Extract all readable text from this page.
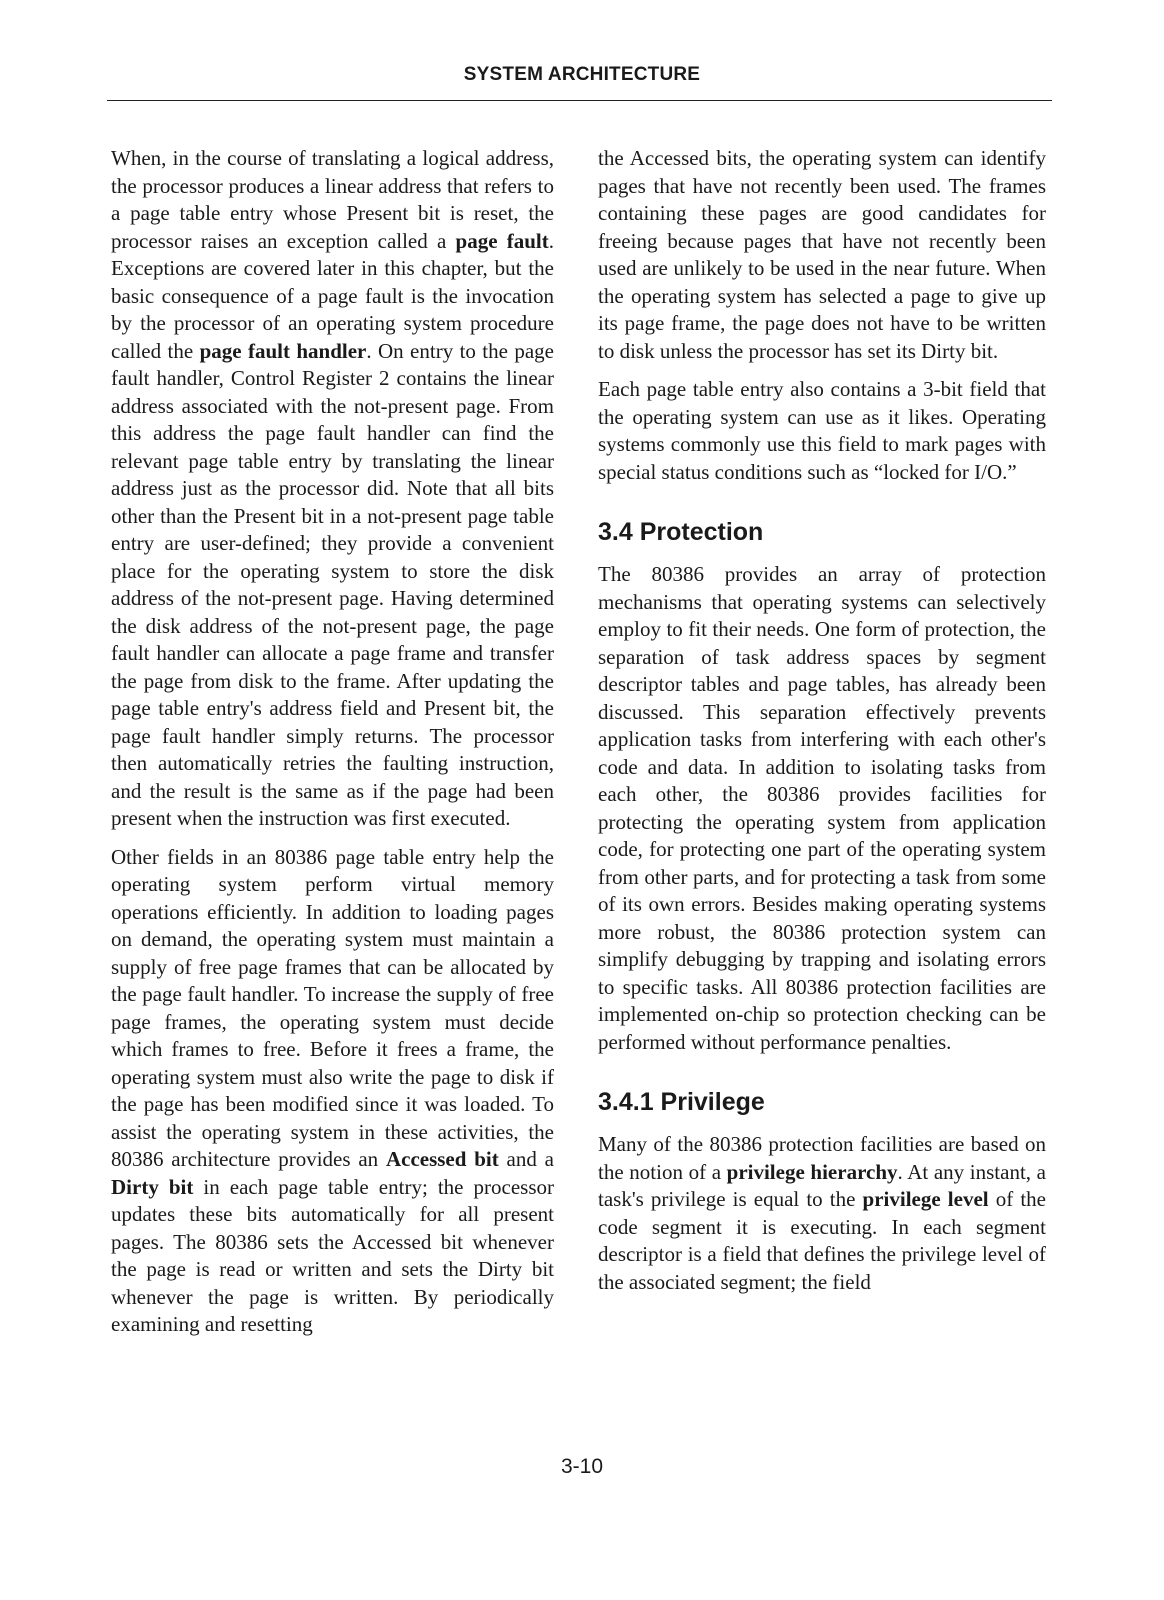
SYSTEM ARCHITECTURE

When, in the course of translating a logical address, the processor produces a linear address that refers to a page table entry whose Present bit is reset, the processor raises an exception called a page fault. Exceptions are covered later in this chapter, but the basic consequence of a page fault is the invocation by the processor of an operating system procedure called the page fault handler. On entry to the page fault handler, Control Register 2 contains the linear address associated with the not-present page. From this address the page fault handler can find the relevant page table entry by translating the linear address just as the processor did. Note that all bits other than the Present bit in a not-present page table entry are user-defined; they provide a convenient place for the operating system to store the disk address of the not-present page. Having determined the disk address of the not-present page, the page fault handler can allocate a page frame and transfer the page from disk to the frame. After updating the page table entry's address field and Present bit, the page fault handler simply returns. The processor then automatically retries the faulting instruction, and the result is the same as if the page had been present when the instruction was first executed.

Other fields in an 80386 page table entry help the operating system perform virtual memory operations efficiently. In addition to loading pages on demand, the operating system must maintain a supply of free page frames that can be allocated by the page fault handler. To increase the supply of free page frames, the operating system must decide which frames to free. Before it frees a frame, the operating system must also write the page to disk if the page has been modified since it was loaded. To assist the operating system in these activities, the 80386 architecture provides an Accessed bit and a Dirty bit in each page table entry; the processor updates these bits automatically for all present pages. The 80386 sets the Accessed bit whenever the page is read or written and sets the Dirty bit whenever the page is written. By periodically examining and resetting

the Accessed bits, the operating system can identify pages that have not recently been used. The frames containing these pages are good candidates for freeing because pages that have not recently been used are unlikely to be used in the near future. When the operating system has selected a page to give up its page frame, the page does not have to be written to disk unless the processor has set its Dirty bit.

Each page table entry also contains a 3-bit field that the operating system can use as it likes. Operating systems commonly use this field to mark pages with special status conditions such as “locked for I/O.”

3.4 Protection

The 80386 provides an array of protection mechanisms that operating systems can selectively employ to fit their needs. One form of protection, the separation of task address spaces by segment descriptor tables and page tables, has already been discussed. This separation effectively prevents application tasks from interfering with each other's code and data. In addition to isolating tasks from each other, the 80386 provides facilities for protecting the operating system from application code, for protecting one part of the operating system from other parts, and for protecting a task from some of its own errors. Besides making operating systems more robust, the 80386 protection system can simplify debugging by trapping and isolating errors to specific tasks. All 80386 protection facilities are implemented on-chip so protection checking can be performed without performance penalties.

3.4.1 Privilege

Many of the 80386 protection facilities are based on the notion of a privilege hierarchy. At any instant, a task's privilege is equal to the privilege level of the code segment it is executing. In each segment descriptor is a field that defines the privilege level of the associated segment; the field

3-10
